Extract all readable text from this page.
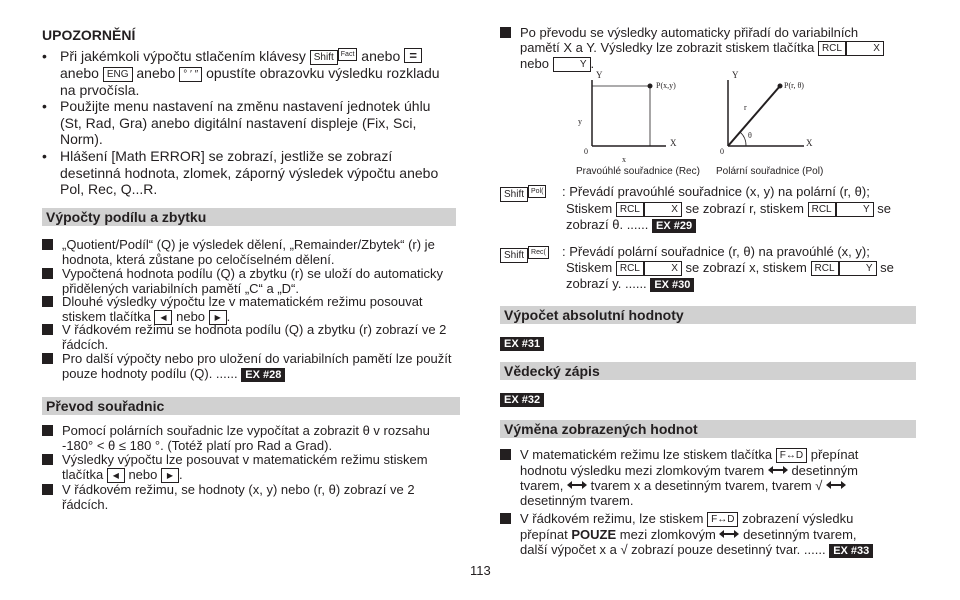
UPOZORNĚNÍ
• Při jakémkoli výpočtu stlačením klávesy Shift Fact anebo =
anebo ENG anebo ° ′ ″ opustíte obrazovku výsledku rozkladu na prvočísla.
• Použijte menu nastavení na změnu nastavení jednotek úhlu (St, Rad, Gra) anebo digitální nastavení displeje (Fix, Sci, Norm).
• Hlášení [Math ERROR] se zobrazí, jestliže se zobrazí desetinná hodnota, zlomek, záporný výsledek výpočtu anebo Pol, Rec, Q...R.
Výpočty podílu a zbytku
„Quotient/Podíl“ (Q) je výsledek dělení, „Remainder/Zbytek“ (r) je hodnota, která zůstane po celočíselném dělení.
Vypočtená hodnota podílu (Q) a zbytku (r) se uloží do automaticky přidělených variabilních pamětí „C“ a „D“.
Dlouhé výsledky výpočtu lze v matematickém režimu posouvat stiskem tlačítka ◀ nebo ▶ .
V řádkovém režimu se hodnota podílu (Q) a zbytku (r) zobrazí ve 2 řádcích.
Pro další výpočty nebo pro uložení do variabilních pamětí lze použít pouze hodnoty podílu (Q). ...... EX #28
Převod souřadnic
Pomocí polárních souřadnic lze vypočítat a zobrazit θ v rozsahu -180° < θ ≤ 180 °. (Totéž platí pro Rad a Grad).
Výsledky výpočtu lze posouvat v matematickém režimu stiskem tlačítka ◀ nebo ▶ .
V řádkovém režimu, se hodnoty (x, y) nebo (r, θ) zobrazí ve 2 řádcích.
Po převodu se výsledky automaticky přiřadí do variabilních pamětí X a Y. Výsledky lze zobrazit stiskem tlačítka RCL	X
nebo	Y .
Y
P(x,y)
y
0
X
x
Y
P(r, θ)
r
θ
0
X
Pravoúhlé souřadnice (Rec) Polární souřadnice (Pol)
Shift Pol( : Převádí pravoúhlé souřadnice (x, y) na polární (r, θ);
Stiskem RCL	X se zobrazí r, stiskem RCL	Y se
zobrazí θ. ...... EX #29
Shift Rec( : Převádí polární souřadnice (r, θ) na pravoúhlé (x, y);
Stiskem RCL	X se zobrazí x, stiskem RCL	Y se
zobrazí y. ...... EX #30
Výpočet absolutní hodnoty
EX #31
Vědecký zápis
EX #32
Výměna zobrazených hodnot
V matematickém režimu lze stiskem tlačítka F↔D přepínat
hodnotu výsledku mezi zlomkovým tvarem desetinným
tvarem, tvarem x a desetinným tvarem, tvarem √

desetinným tvarem.
V řádkovém režimu, lze stiskem F↔D zobrazení výsledku
přepínat POUZE mezi zlomkovým desetinným tvarem,
další výpočet x a √ zobrazí pouze desetinný tvar. ...... EX #33
113
